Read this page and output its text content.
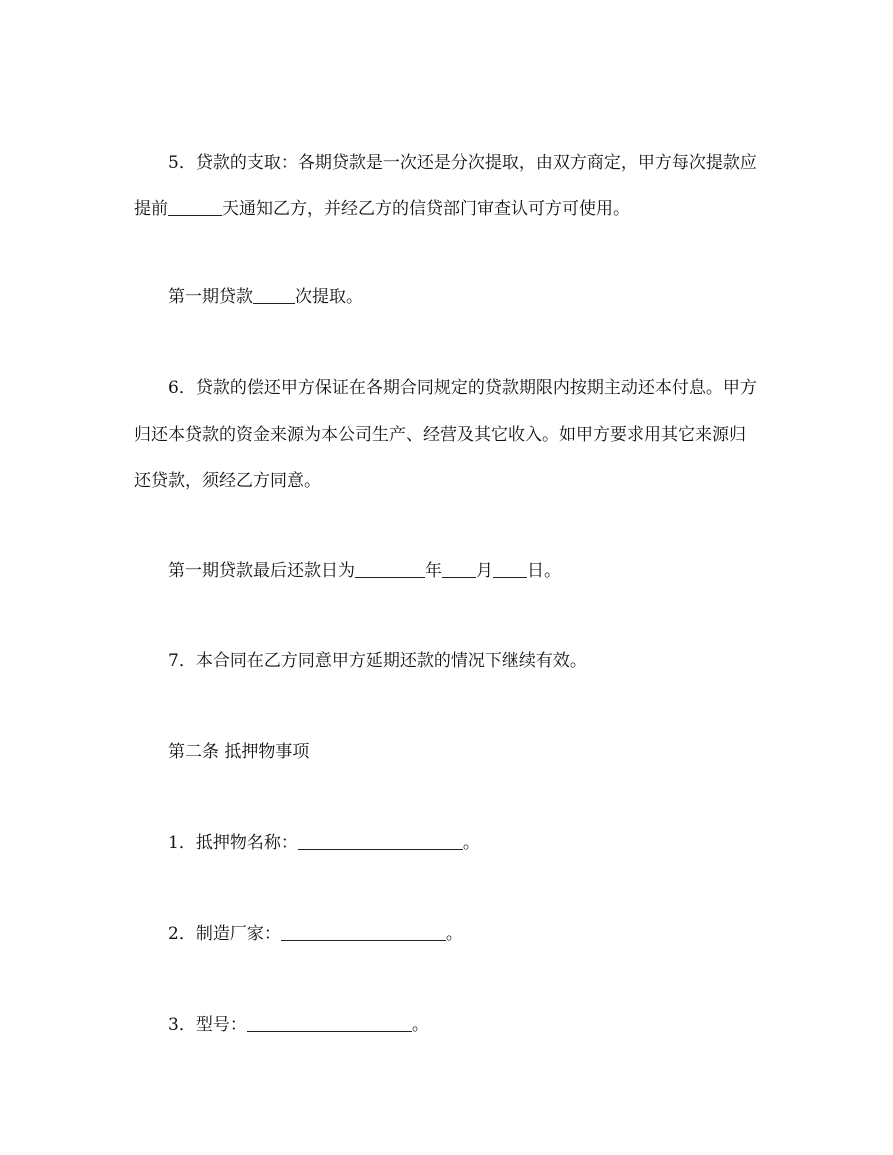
5．贷款的支取：各期贷款是一次还是分次提取，由双方商定，甲方每次提款应
提前	天通知乙方，并经乙方的信贷部门审查认可方可使用。
第一期贷款 次提取。
6．贷款的偿还甲方保证在各期合同规定的贷款期限内按期主动还本付息。甲方
归还本贷款的资金来源为本公司生产、经营及其它收入。如甲方要求用其它来源归
还贷款，须经乙方同意。
第一期贷款最后还款日为	年 月 日。
7．本合同在乙方同意甲方延期还款的情况下继续有效。
第二条 抵押物事项
1．抵押物名称：	。
2．制造厂家：	。
3．型号：	。
